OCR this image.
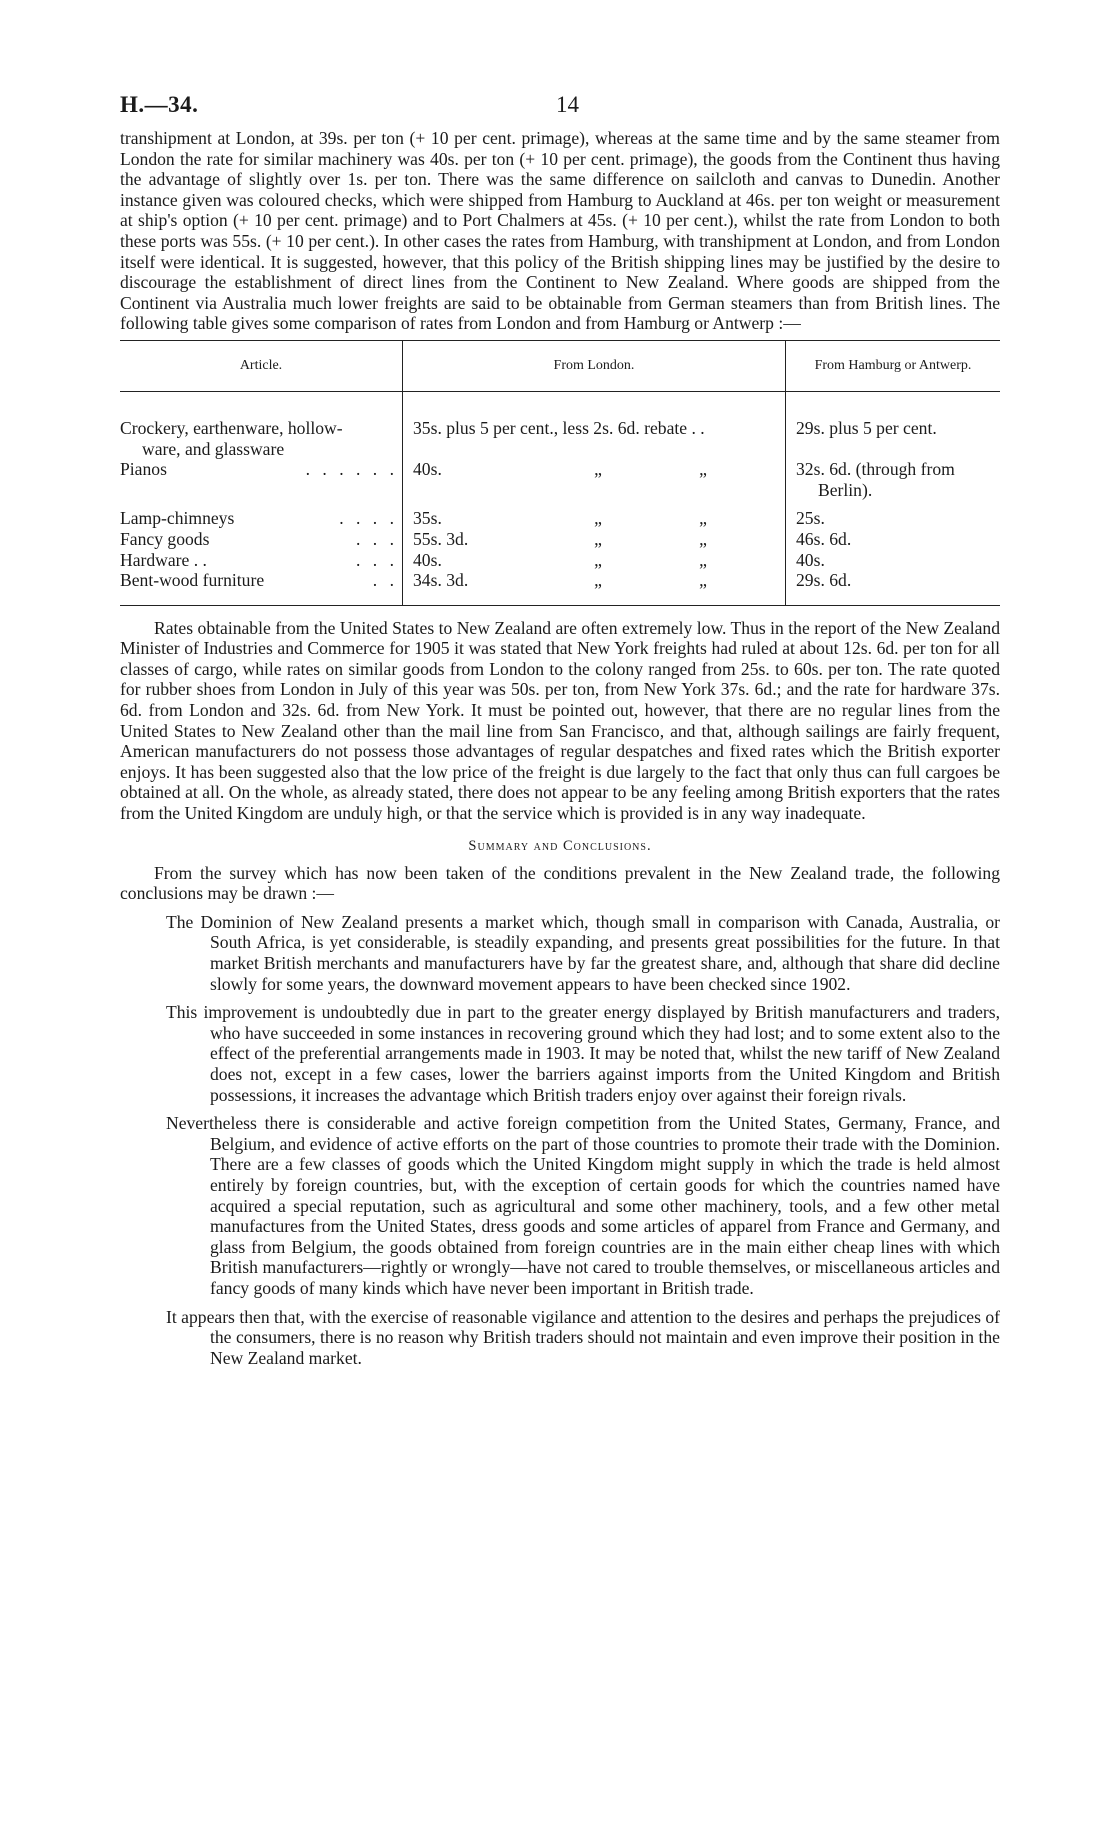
H.—34.	14

transhipment at London, at 39s. per ton (+ 10 per cent. primage), whereas at the same time and by the same steamer from London the rate for similar machinery was 40s. per ton (+ 10 per cent. primage), the goods from the Continent thus having the advantage of slightly over 1s. per ton. There was the same difference on sailcloth and canvas to Dunedin. Another instance given was coloured checks, which were shipped from Hamburg to Auckland at 46s. per ton weight or measurement at ship's option (+ 10 per cent. primage) and to Port Chalmers at 45s. (+ 10 per cent.), whilst the rate from London to both these ports was 55s. (+ 10 per cent.). In other cases the rates from Hamburg, with transhipment at London, and from London itself were identical. It is suggested, however, that this policy of the British shipping lines may be justified by the desire to discourage the establishment of direct lines from the Continent to New Zealand. Where goods are shipped from the Continent via Australia much lower freights are said to be obtainable from German steamers than from British lines. The following table gives some comparison of rates from London and from Hamburg or Antwerp :—

Article.	From London.	From Hamburg or Antwerp.
Crockery, earthenware, hollow-
ware, and glassware	35s. plus 5 per cent., less 2s. 6d. rebate . .	29s. plus 5 per cent.

Pianos . . . . . .	40s. „ „	32s. 6d. (through from
Berlin).

Lamp-chimneys . . . .	35s. „ „	25s.

Fancy goods . . .	55s. 3d. „ „	46s. 6d.

Hardware . . . . .	40s. „ „	40s.

Bent-wood furniture . .	34s. 3d. „ „	29s. 6d.

Rates obtainable from the United States to New Zealand are often extremely low. Thus in the report of the New Zealand Minister of Industries and Commerce for 1905 it was stated that New York freights had ruled at about 12s. 6d. per ton for all classes of cargo, while rates on similar goods from London to the colony ranged from 25s. to 60s. per ton. The rate quoted for rubber shoes from London in July of this year was 50s. per ton, from New York 37s. 6d.; and the rate for hardware 37s. 6d. from London and 32s. 6d. from New York. It must be pointed out, however, that there are no regular lines from the United States to New Zealand other than the mail line from San Francisco, and that, although sailings are fairly frequent, American manufacturers do not possess those advantages of regular despatches and fixed rates which the British exporter enjoys. It has been suggested also that the low price of the freight is due largely to the fact that only thus can full cargoes be obtained at all. On the whole, as already stated, there does not appear to be any feeling among British exporters that the rates from the United Kingdom are unduly high, or that the service which is provided is in any way inadequate.

Summary and Conclusions.

From the survey which has now been taken of the conditions prevalent in the New Zealand trade, the following conclusions may be drawn :—

The Dominion of New Zealand presents a market which, though small in comparison with Canada, Australia, or South Africa, is yet considerable, is steadily expanding, and presents great possibilities for the future. In that market British merchants and manufacturers have by far the greatest share, and, although that share did decline slowly for some years, the downward movement appears to have been checked since 1902.

This improvement is undoubtedly due in part to the greater energy displayed by British manufacturers and traders, who have succeeded in some instances in recovering ground which they had lost; and to some extent also to the effect of the preferential arrangements made in 1903. It may be noted that, whilst the new tariff of New Zealand does not, except in a few cases, lower the barriers against imports from the United Kingdom and British possessions, it increases the advantage which British traders enjoy over against their foreign rivals.

Nevertheless there is considerable and active foreign competition from the United States, Germany, France, and Belgium, and evidence of active efforts on the part of those countries to promote their trade with the Dominion. There are a few classes of goods which the United Kingdom might supply in which the trade is held almost entirely by foreign countries, but, with the exception of certain goods for which the countries named have acquired a special reputation, such as agricultural and some other machinery, tools, and a few other metal manufactures from the United States, dress goods and some articles of apparel from France and Germany, and glass from Belgium, the goods obtained from foreign countries are in the main either cheap lines with which British manufacturers—rightly or wrongly—have not cared to trouble themselves, or miscellaneous articles and fancy goods of many kinds which have never been important in British trade.

It appears then that, with the exercise of reasonable vigilance and attention to the desires and perhaps the prejudices of the consumers, there is no reason why British traders should not maintain and even improve their position in the New Zealand market.
